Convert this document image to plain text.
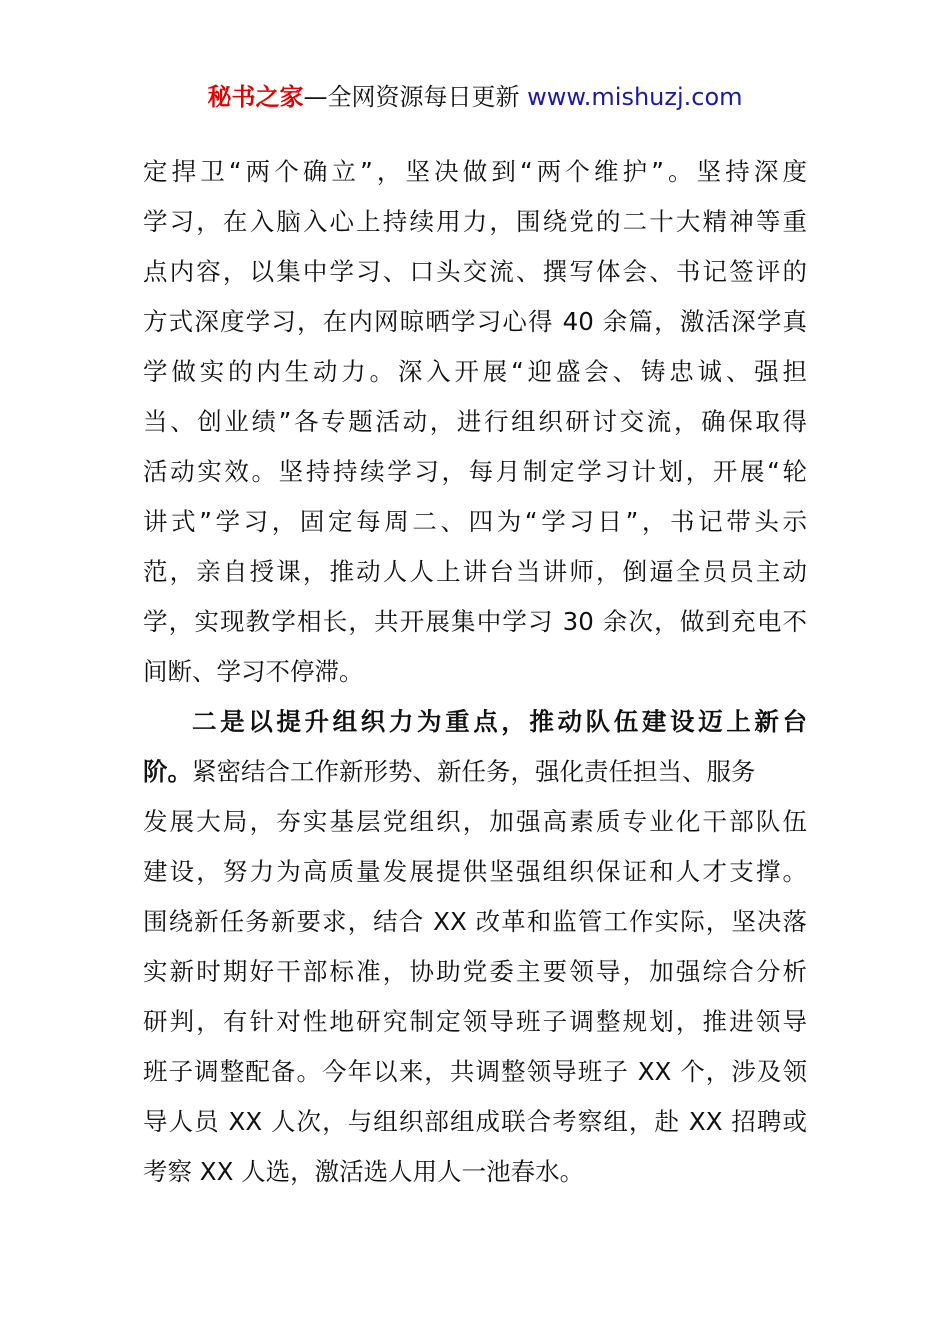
秘书之家—全网资源每日更新 www.mishuzj.com
定捍卫“两个确立”，坚决做到“两个维护”。坚持深度
学习，在入脑入心上持续用力，围绕党的二十大精神等重
点内容，以集中学习、口头交流、撰写体会、书记签评的
方式深度学习，在内网晾晒学习心得 40 余篇，激活深学真
学做实的内生动力。深入开展“迎盛会、铸忠诚、强担
当、创业绩”各专题活动，进行组织研讨交流，确保取得
活动实效。坚持持续学习，每月制定学习计划，开展“轮
讲式”学习，固定每周二、四为“学习日”，书记带头示
范，亲自授课，推动人人上讲台当讲师，倒逼全员员主动
学，实现教学相长，共开展集中学习 30 余次，做到充电不
间断、学习不停滞。
二是以提升组织力为重点，推动队伍建设迈上新台
阶。紧密结合工作新形势、新任务，强化责任担当、服务
发展大局，夯实基层党组织，加强高素质专业化干部队伍
建设，努力为高质量发展提供坚强组织保证和人才支撑。
围绕新任务新要求，结合 XX 改革和监管工作实际，坚决落
实新时期好干部标准，协助党委主要领导，加强综合分析
研判，有针对性地研究制定领导班子调整规划，推进领导
班子调整配备。今年以来，共调整领导班子 XX 个，涉及领
导人员 XX 人次，与组织部组成联合考察组，赴 XX 招聘或
考察 XX 人选，激活选人用人一池春水。
